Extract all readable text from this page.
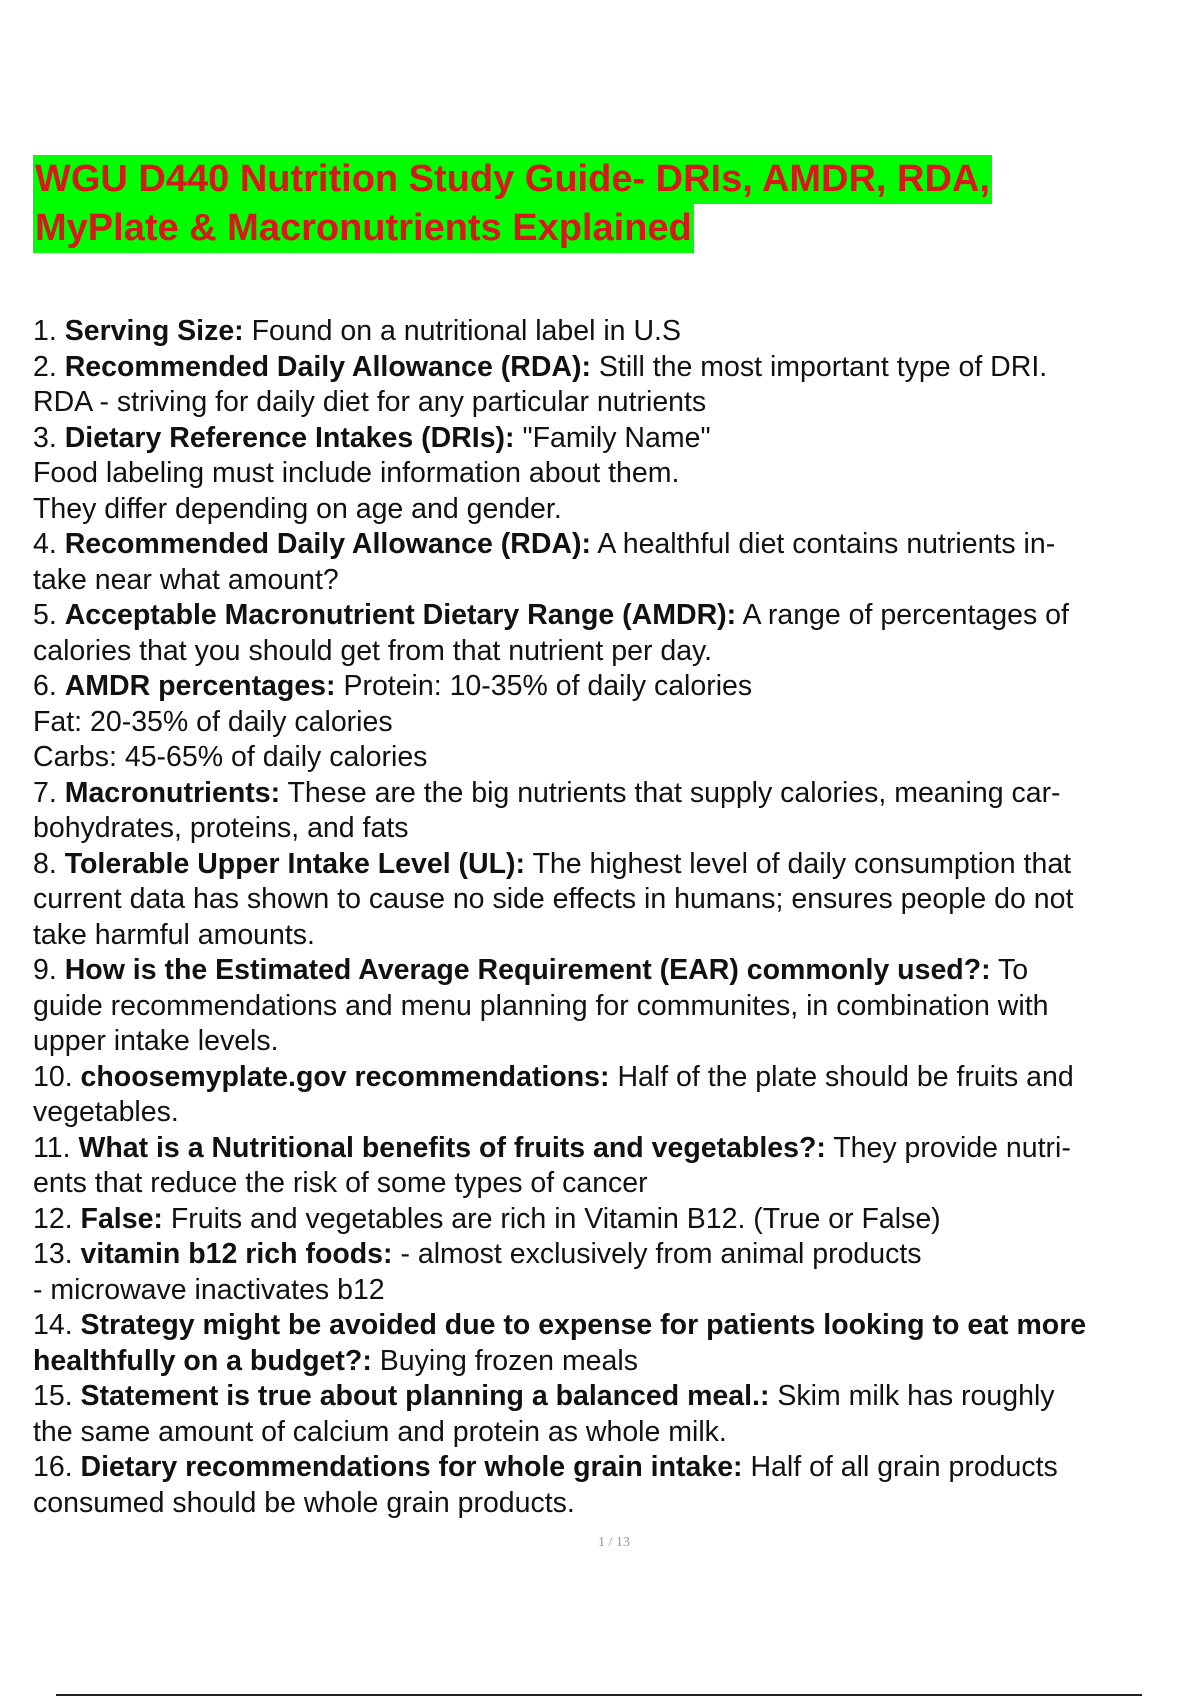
WGU D440 Nutrition Study Guide- DRIs, AMDR, RDA,
MyPlate & Macronutrients Explained
1. Serving Size: Found on a nutritional label in U.S
2. Recommended Daily Allowance (RDA): Still the most important type of DRI.
RDA - striving for daily diet for any particular nutrients
3. Dietary Reference Intakes (DRIs): "Family Name"
Food labeling must include information about them.
They differ depending on age and gender.
4. Recommended Daily Allowance (RDA): A healthful diet contains nutrients in-
take near what amount?
5. Acceptable Macronutrient Dietary Range (AMDR): A range of percentages of
calories that you should get from that nutrient per day.
6. AMDR percentages: Protein: 10-35% of daily calories
Fat: 20-35% of daily calories
Carbs: 45-65% of daily calories
7. Macronutrients: These are the big nutrients that supply calories, meaning car-
bohydrates, proteins, and fats
8. Tolerable Upper Intake Level (UL): The highest level of daily consumption that
current data has shown to cause no side effects in humans; ensures people do not
take harmful amounts.
9. How is the Estimated Average Requirement (EAR) commonly used?: To
guide recommendations and menu planning for communites, in combination with
upper intake levels.
10. choosemyplate.gov recommendations: Half of the plate should be fruits and
vegetables.
11. What is a Nutritional benefits of fruits and vegetables?: They provide nutri-
ents that reduce the risk of some types of cancer
12. False: Fruits and vegetables are rich in Vitamin B12. (True or False)
13. vitamin b12 rich foods: - almost exclusively from animal products
- microwave inactivates b12
14. Strategy might be avoided due to expense for patients looking to eat more
healthfully on a budget?: Buying frozen meals
15. Statement is true about planning a balanced meal.: Skim milk has roughly
the same amount of calcium and protein as whole milk.
16. Dietary recommendations for whole grain intake: Half of all grain products
consumed should be whole grain products.
1 / 13
